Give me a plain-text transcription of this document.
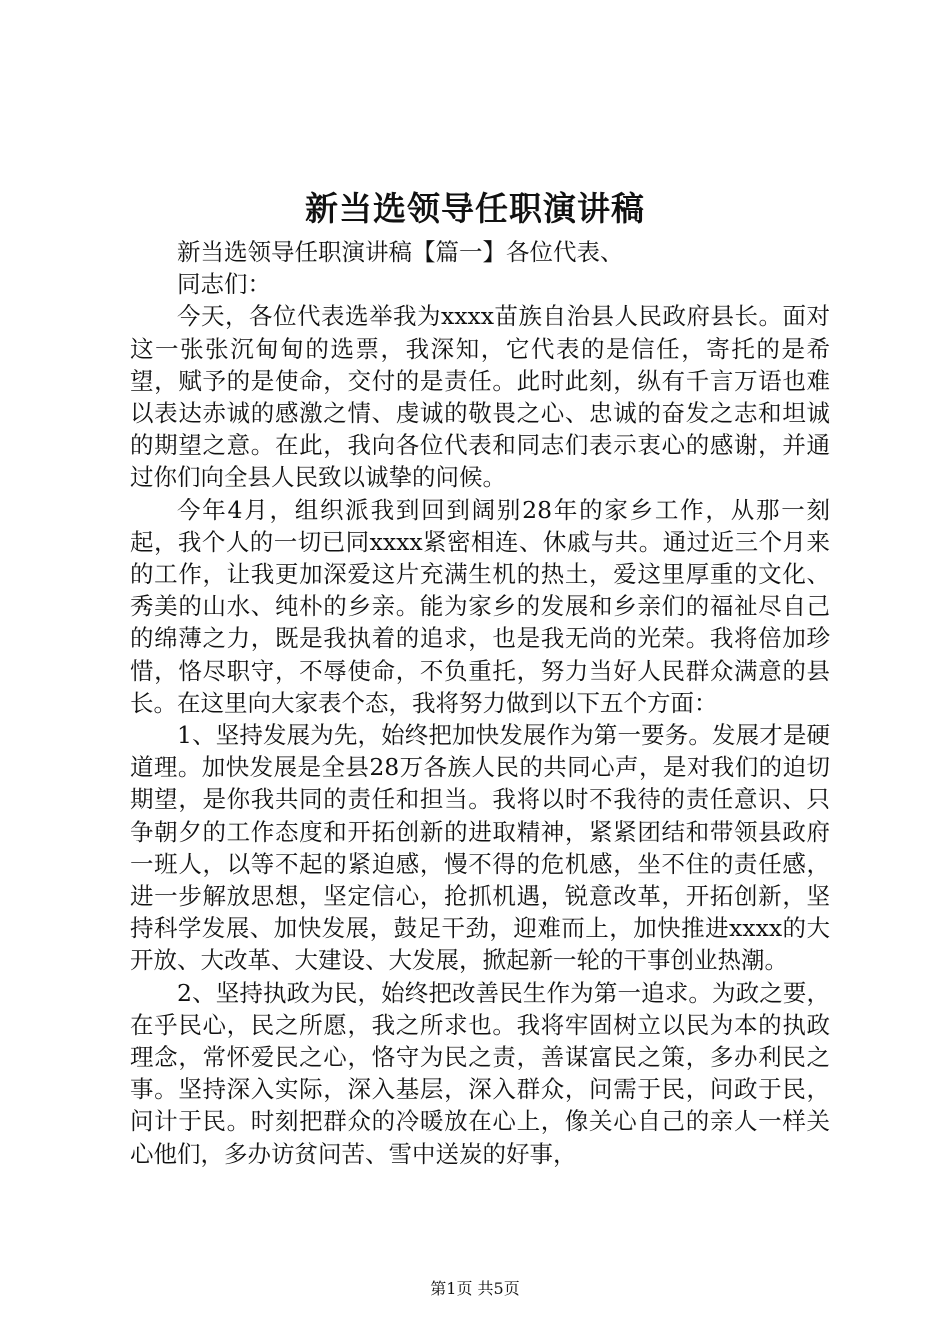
新当选领导任职演讲稿

新当选领导任职演讲稿【篇一】各位代表、

同志们：

今天，各位代表选举我为xxxx苗族自治县人民政府县长。面对这一张张沉甸甸的选票，我深知，它代表的是信任，寄托的是希望，赋予的是使命，交付的是责任。此时此刻，纵有千言万语也难以表达赤诚的感激之情、虔诚的敬畏之心、忠诚的奋发之志和坦诚的期望之意。在此，我向各位代表和同志们表示衷心的感谢，并通过你们向全县人民致以诚挚的问候。

今年4月，组织派我到回到阔别28年的家乡工作，从那一刻起，我个人的一切已同xxxx紧密相连、休戚与共。通过近三个月来的工作，让我更加深爱这片充满生机的热土，爱这里厚重的文化、秀美的山水、纯朴的乡亲。能为家乡的发展和乡亲们的福祉尽自己的绵薄之力，既是我执着的追求，也是我无尚的光荣。我将倍加珍惜，恪尽职守，不辱使命，不负重托，努力当好人民群众满意的县长。在这里向大家表个态，我将努力做到以下五个方面：

1、坚持发展为先，始终把加快发展作为第一要务。发展才是硬道理。加快发展是全县28万各族人民的共同心声，是对我们的迫切期望，是你我共同的责任和担当。我将以时不我待的责任意识、只争朝夕的工作态度和开拓创新的进取精神，紧紧团结和带领县政府一班人，以等不起的紧迫感，慢不得的危机感，坐不住的责任感，进一步解放思想，坚定信心，抢抓机遇，锐意改革，开拓创新，坚持科学发展、加快发展，鼓足干劲，迎难而上，加快推进xxxx的大开放、大改革、大建设、大发展，掀起新一轮的干事创业热潮。

2、坚持执政为民，始终把改善民生作为第一追求。为政之要，在乎民心，民之所愿，我之所求也。我将牢固树立以民为本的执政理念，常怀爱民之心，恪守为民之责，善谋富民之策，多办利民之事。坚持深入实际，深入基层，深入群众，问需于民，问政于民，问计于民。时刻把群众的冷暖放在心上，像关心自己的亲人一样关心他们，多办访贫问苦、雪中送炭的好事，

第1页 共5页
